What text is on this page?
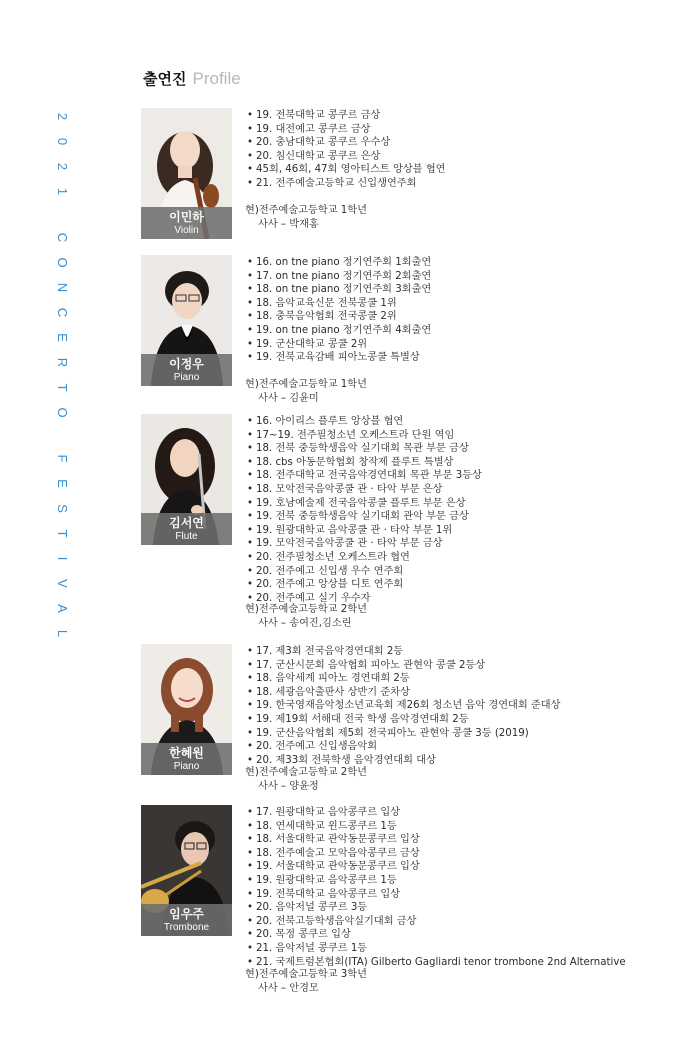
2
0
2
1
C
O
N
C
E
R
T
O
F
E
S
T
I
V
A
L
출연진 Profile
이민하
Violin
• 19. 전북대학교 콩쿠르 금상
• 19. 대전예고 콩쿠르 금상
• 20. 충남대학교 콩쿠르 우수상
• 20. 침신대학교 콩쿠르 은상
• 45회, 46회, 47회 영아티스트 앙상블 협연
• 21. 전주예술고등학교 신입생연주회
현)전주예술고등학교 1학년
사사 – 박재홍
이정우
Piano
• 16. on tne piano 정기연주회 1회출연
• 17. on tne piano 정기연주회 2회출연
• 18. on tne piano 정기연주회 3회출연
• 18. 음악교육신문 전북콩쿨 1위
• 18. 충북음악협회 전국콩쿨 2위
• 19. on tne piano 정기연주회 4회출연
• 19. 군산대학교 콩쿨 2위
• 19. 전북교육감배 피아노콩쿨 특별상
현)전주예술고등학교 1학년
사사 – 김윤미
김서연
Flute
• 16. 아이리스 플루트 앙상블 협연
• 17~19. 전주필청소년 오케스트라 단원 역임
• 18. 전북 중등학생음악 실기대회 목관 부문 금상
• 18. cbs 아동문학협회 창작제 플루트 특별상
• 18. 전주대학교 전국음악경연대회 목관 부문 3등상
• 18. 모악전국음악콩쿨 관 · 타악 부문 은상
• 19. 호남예술제 전국음악콩쿨 플루트 부문 은상
• 19. 전북 중등학생음악 실기대회 관악 부문 금상
• 19. 원광대학교 음악콩쿨 관 · 타악 부문 1위
• 19. 모악전국음악콩쿨 관 · 타악 부문 금상
• 20. 전주필청소년 오케스트라 협연
• 20. 전주예고 신입생 우수 연주회
• 20. 전주예고 앙상블 디토 연주회
• 20. 전주예고 실기 우수자
현)전주예술고등학교 2학년
사사 – 송여진,김소린
한혜원
Piano
• 17. 제3회 전국음악경연대회 2등
• 17. 군산시문회 음악협회 피아노 관현악 콩쿨 2등상
• 18. 음악세계 피아노 경연대회 2등
• 18. 세광음악출판사 상반기 준차상
• 19. 한국영재음악청소년교육회 제26회 청소년 음악 경연대회 준대상
• 19. 제19회 서해대 전국 학생 음악경연대회 2등
• 19. 군산음악협회 제5회 전국피아노 관현악 콩쿨 3등 (2019)
• 20. 전주예고 신입생음악회
• 20. 제33회 전북학생 음악경연대회 대상
현)전주예술고등학교 2학년
사사 – 양윤정
임우주
Trombone
• 17. 원광대학교 음악콩쿠르 입상
• 18. 연세대학교 윈드콩쿠르 1등
• 18. 서울대학교 관악동문콩쿠르 입상
• 18. 전주예술고 모악음악콩쿠르 금상
• 19. 서울대학교 관악동문콩쿠르 입상
• 19. 원광대학교 음악콩쿠르 1등
• 19. 전북대학교 음악콩쿠르 입상
• 20. 음악저널 콩쿠르 3등
• 20. 전북고등학생음악실기대회 금상
• 20. 목정 콩쿠르 입상
• 21. 음악저널 콩쿠르 1등
• 21. 국제트럼본협회(ITA) Gilberto Gagliardi tenor trombone 2nd Alternative
현)전주예술고등학교 3학년
사사 – 안경모
